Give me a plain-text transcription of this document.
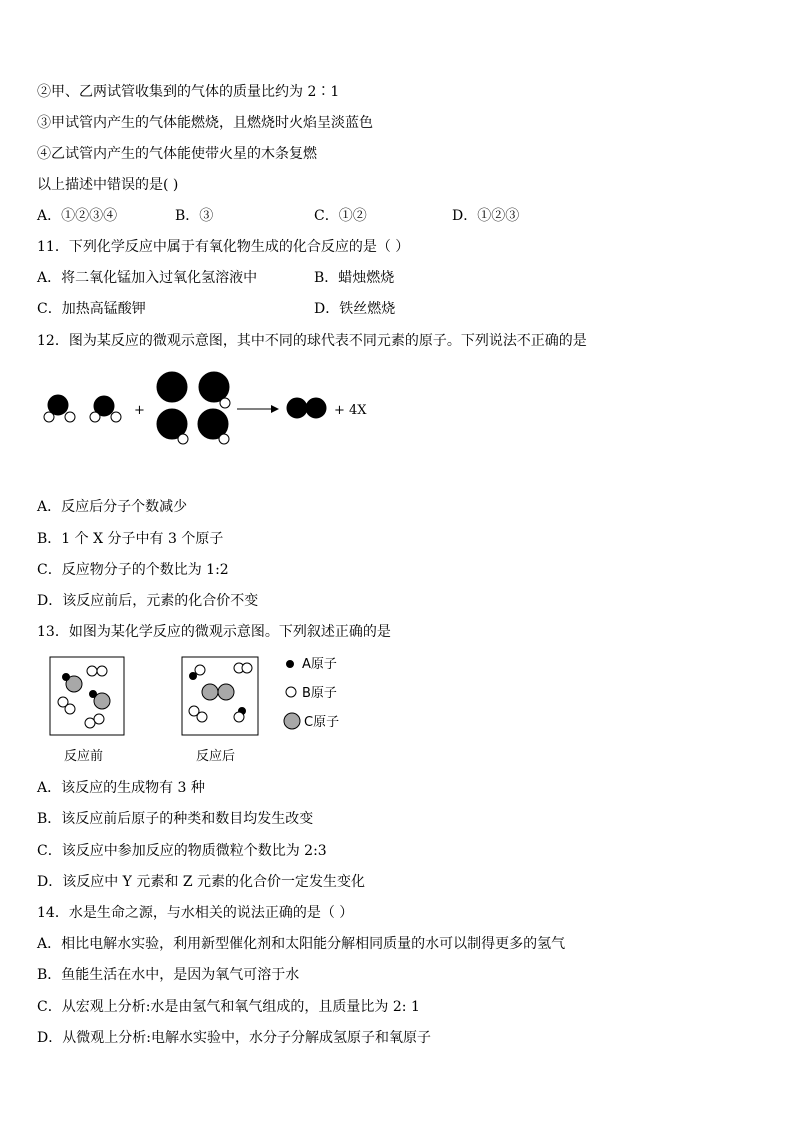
②甲、乙两试管收集到的气体的质量比约为 2∶1
③甲试管内产生的气体能燃烧，且燃烧时火焰呈淡蓝色
④乙试管内产生的气体能使带火星的木条复燃
以上描述中错误的是( )
A．①②③④	B．③	C．①②	D．①②③
11．下列化学反应中属于有氧化物生成的化合反应的是（ ）
A．将二氧化锰加入过氧化氢溶液中	B．蜡烛燃烧
C．加热高锰酸钾	D．铁丝燃烧
12．图为某反应的微观示意图，其中不同的球代表不同元素的原子。下列说法不正确的是
+	+ 4X
A．反应后分子个数减少
B．1 个 X 分子中有 3 个原子
C．反应物分子的个数比为 1:2
D．该反应前后，元素的化合价不变
13．如图为某化学反应的微观示意图。下列叙述正确的是
A原子
B原子
C原子
反应前	反应后
A．该反应的生成物有 3 种
B．该反应前后原子的种类和数目均发生改变
C．该反应中参加反应的物质微粒个数比为 2:3
D．该反应中 Y 元素和 Z 元素的化合价一定发生变化
14．水是生命之源，与水相关的说法正确的是（ ）
A．相比电解水实验，利用新型催化剂和太阳能分解相同质量的水可以制得更多的氢气
B．鱼能生活在水中，是因为氧气可溶于水
C．从宏观上分析:水是由氢气和氧气组成的，且质量比为 2: 1
D．从微观上分析:电解水实验中，水分子分解成氢原子和氧原子
